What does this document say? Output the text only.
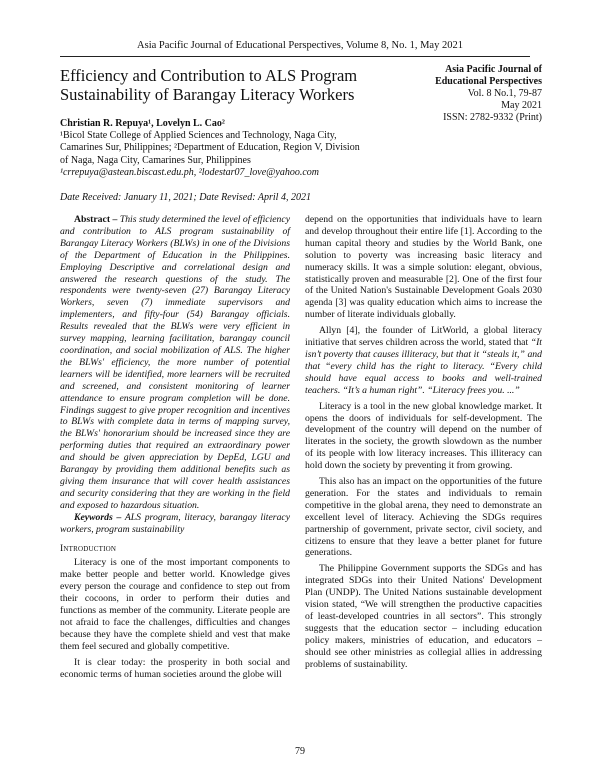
Asia Pacific Journal of Educational Perspectives, Volume 8, No. 1, May 2021
Efficiency and Contribution to ALS Program Sustainability of Barangay Literacy Workers
Asia Pacific Journal of
Educational Perspectives
Vol. 8 No.1, 79-87
May 2021
ISSN: 2782-9332 (Print)
Christian R. Repuya¹, Lovelyn L. Cao²
¹Bicol State College of Applied Sciences and Technology, Naga City,
Camarines Sur, Philippines; ²Department of Education, Region V, Division
of Naga, Naga City, Camarines Sur, Philippines
¹crrepuya@astean.biscast.edu.ph, ²lodestar07_love@yahoo.com
Date Received: January 11, 2021; Date Revised: April 4, 2021

Abstract – This study determined the level of efficiency and contribution to ALS program sustainability of Barangay Literacy Workers (BLWs) in one of the Divisions of the Department of Education in the Philippines. Employing Descriptive and correlational design and answered the research questions of the study. The respondents were twenty-seven (27) Barangay Literacy Workers, seven (7) immediate supervisors and implementers, and fifty-four (54) Barangay officials. Results revealed that the BLWs were very efficient in survey mapping, learning facilitation, barangay council coordination, and social mobilization of ALS. The higher the BLWs' efficiency, the more number of potential learners will be identified, more learners will be recruited and screened, and consistent monitoring of learner attendance to ensure program completion will be done. Findings suggest to give proper recognition and incentives to BLWs with complete data in terms of mapping survey, the BLWs' honorarium should be increased since they are performing duties that required an extraordinary power and should be given appreciation by DepEd, LGU and Barangay by providing them additional benefits such as giving them insurance that will cover health assistances and security considering that they are working in the field and exposed to hazardous situation.

Keywords – ALS program, literacy, barangay literacy workers, program sustainability

Introduction

Literacy is one of the most important components to make better people and better world. Knowledge gives every person the courage and confidence to step out from their cocoons, in order to perform their duties and functions as member of the community. Literate people are not afraid to face the challenges, difficulties and changes because they have the complete shield and vest that make them feel secured and globally competitive.

It is clear today: the prosperity in both social and economic terms of human societies around the globe will

depend on the opportunities that individuals have to learn and develop throughout their entire life [1]. According to the human capital theory and studies by the World Bank, one solution to poverty was increasing basic literacy and numeracy skills. It was a simple solution: elegant, obvious, statistically proven and measurable [2]. One of the first four of the United Nation's Sustainable Development Goals 2030 agenda [3] was quality education which aims to increase the number of literate individuals globally.

Allyn [4], the founder of LitWorld, a global literacy initiative that serves children across the world, stated that “It isn’t poverty that causes illiteracy, but that it “steals it,” and that “every child has the right to literacy. “Every child should have equal access to books and well-trained teachers. “It’s a human right”. “Literacy frees you. ...”

Literacy is a tool in the new global knowledge market. It opens the doors of individuals for self-development. The development of the country will depend on the number of literates in the society, the growth slowdown as the number of its people with low literacy increases. This illiteracy can hold down the society by preventing it from growing.

This also has an impact on the opportunities of the future generation. For the states and individuals to remain competitive in the global arena, they need to demonstrate an excellent level of literacy. Achieving the SDGs requires partnership of government, private sector, civil society, and citizens to ensure that they leave a better planet for future generations.

The Philippine Government supports the SDGs and has integrated SDGs into their United Nations' Development Plan (UNDP). The United Nations sustainable development vision stated, “We will strengthen the productive capacities of least-developed countries in all sectors”. This strongly suggests that the education sector – including education policy makers, ministries of education, and educators – should see other ministries as collegial allies in addressing problems of sustainability.

79
